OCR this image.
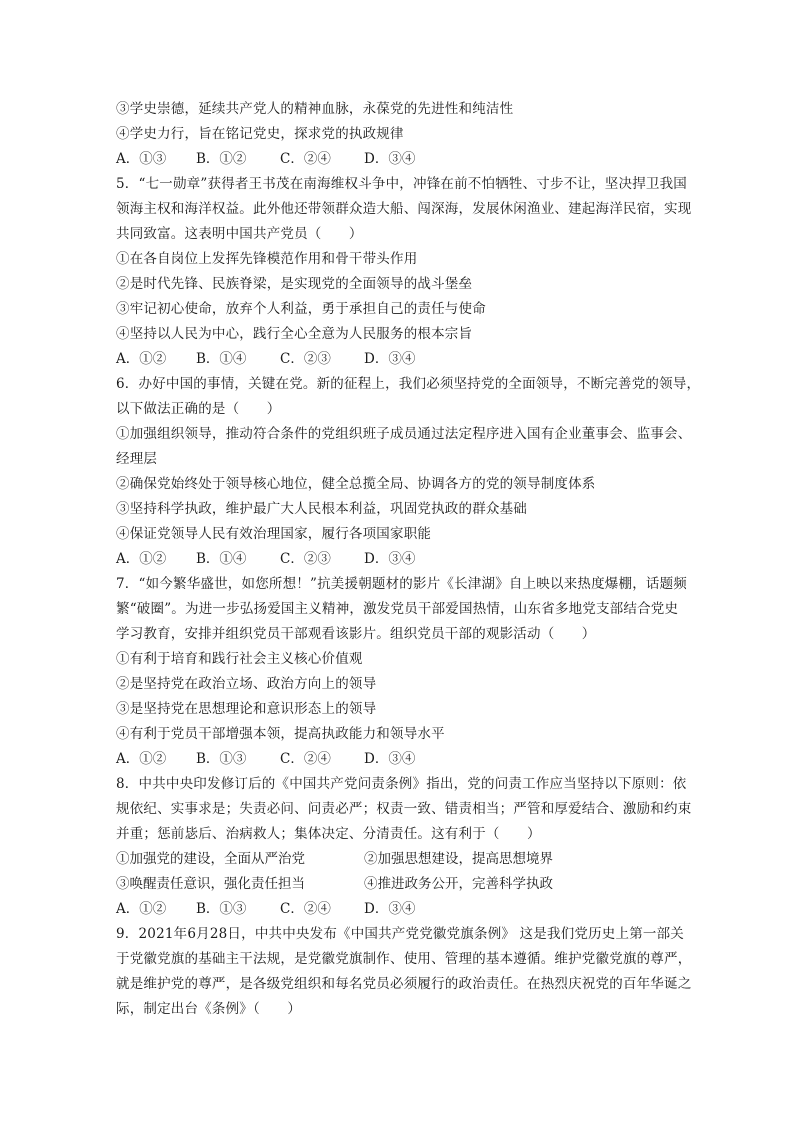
③学史崇德，延续共产党人的精神血脉，永葆党的先进性和纯洁性
④学史力行，旨在铭记党史，探求党的执政规律
A．①③ B．①② C．②④ D．③④
5．“七一勋章”获得者王书茂在南海维权斗争中，冲锋在前不怕牺牲、寸步不让，坚决捍卫我国
领海主权和海洋权益。此外他还带领群众造大船、闯深海，发展休闲渔业、建起海洋民宿，实现
共同致富。这表明中国共产党员（　　）
①在各自岗位上发挥先锋模范作用和骨干带头作用
②是时代先锋、民族脊梁，是实现党的全面领导的战斗堡垒
③牢记初心使命，放弃个人利益，勇于承担自己的责任与使命
④坚持以人民为中心，践行全心全意为人民服务的根本宗旨
A．①② B．①④ C．②③ D．③④
6．办好中国的事情，关键在党。新的征程上，我们必须坚持党的全面领导，不断完善党的领导，
以下做法正确的是（　　）
①加强组织领导，推动符合条件的党组织班子成员通过法定程序进入国有企业董事会、监事会、
经理层
②确保党始终处于领导核心地位，健全总揽全局、协调各方的党的领导制度体系
③坚持科学执政，维护最广大人民根本利益，巩固党执政的群众基础
④保证党领导人民有效治理国家，履行各项国家职能
A．①② B．①④ C．②③ D．③④
7．“如今繁华盛世，如您所想！”抗美援朝题材的影片《长津湖》自上映以来热度爆棚，话题频
繁“破圈”。为进一步弘扬爱国主义精神，激发党员干部爱国热情，山东省多地党支部结合党史
学习教育，安排并组织党员干部观看该影片。组织党员干部的观影活动（　　）
①有利于培育和践行社会主义核心价值观
②是坚持党在政治立场、政治方向上的领导
③是坚持党在思想理论和意识形态上的领导
④有利于党员干部增强本领，提高执政能力和领导水平
A．①② B．①③ C．②④ D．③④
8．中共中央印发修订后的《中国共产党问责条例》指出，党的问责工作应当坚持以下原则：依
规依纪、实事求是；失责必问、问责必严；权责一致、错责相当；严管和厚爱结合、激励和约束
并重；惩前毖后、治病救人；集体决定、分清责任。这有利于（　　）
①加强党的建设，全面从严治党	②加强思想建设，提高思想境界
③唤醒责任意识，强化责任担当	④推进政务公开，完善科学执政
A．①② B．①③ C．②④ D．③④
9．2021年6月28日，中共中央发布《中国共产党党徽党旗条例》 这是我们党历史上第一部关
于党徽党旗的基础主干法规，是党徽党旗制作、使用、管理的基本遵循。维护党徽党旗的尊严，
就是维护党的尊严，是各级党组织和每名党员必须履行的政治责任。在热烈庆祝党的百年华诞之
际，制定出台《条例》（　　）
